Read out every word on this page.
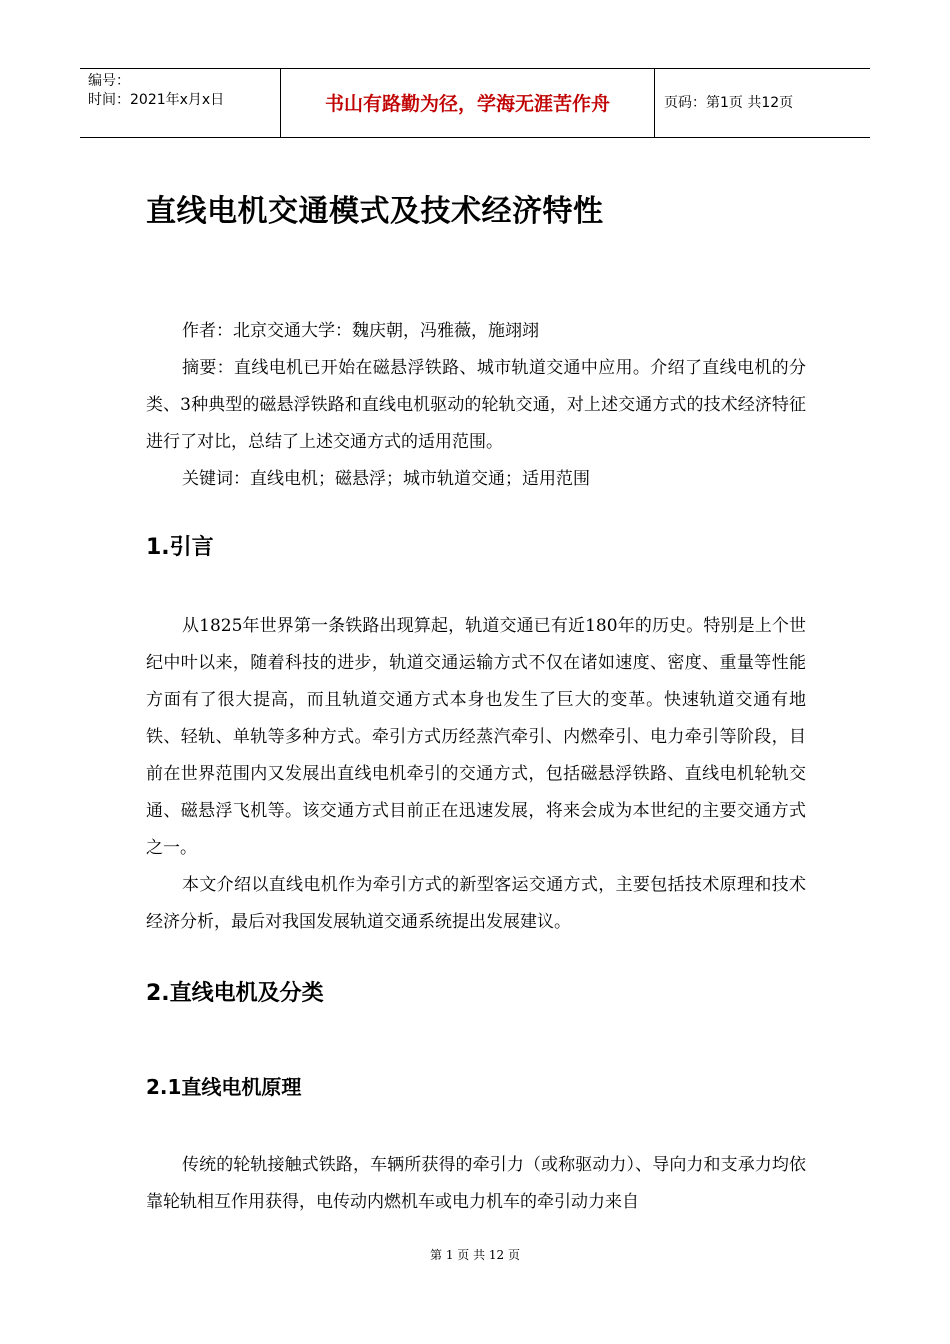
编号：
时间：2021年x月x日	书山有路勤为径，学海无涯苦作舟	页码：第1页 共12页
直线电机交通模式及技术经济特性

作者：北京交通大学：魏庆朝，冯雅薇，施翊翊

摘要：直线电机已开始在磁悬浮铁路、城市轨道交通中应用。介绍了直线电机的分类、3种典型的磁悬浮铁路和直线电机驱动的轮轨交通，对上述交通方式的技术经济特征进行了对比，总结了上述交通方式的适用范围。

关键词：直线电机；磁悬浮；城市轨道交通；适用范围

1.引言

从1825年世界第一条铁路出现算起，轨道交通已有近180年的历史。特别是上个世纪中叶以来，随着科技的进步，轨道交通运输方式不仅在诸如速度、密度、重量等性能方面有了很大提高，而且轨道交通方式本身也发生了巨大的变革。快速轨道交通有地铁、轻轨、单轨等多种方式。牵引方式历经蒸汽牵引、内燃牵引、电力牵引等阶段，目前在世界范围内又发展出直线电机牵引的交通方式，包括磁悬浮铁路、直线电机轮轨交通、磁悬浮飞机等。该交通方式目前正在迅速发展，将来会成为本世纪的主要交通方式之一。

本文介绍以直线电机作为牵引方式的新型客运交通方式，主要包括技术原理和技术经济分析，最后对我国发展轨道交通系统提出发展建议。

2.直线电机及分类
2.1直线电机原理

传统的轮轨接触式铁路，车辆所获得的牵引力（或称驱动力）、导向力和支承力均依靠轮轨相互作用获得，电传动内燃机车或电力机车的牵引动力来自

第 1 页 共 12 页
